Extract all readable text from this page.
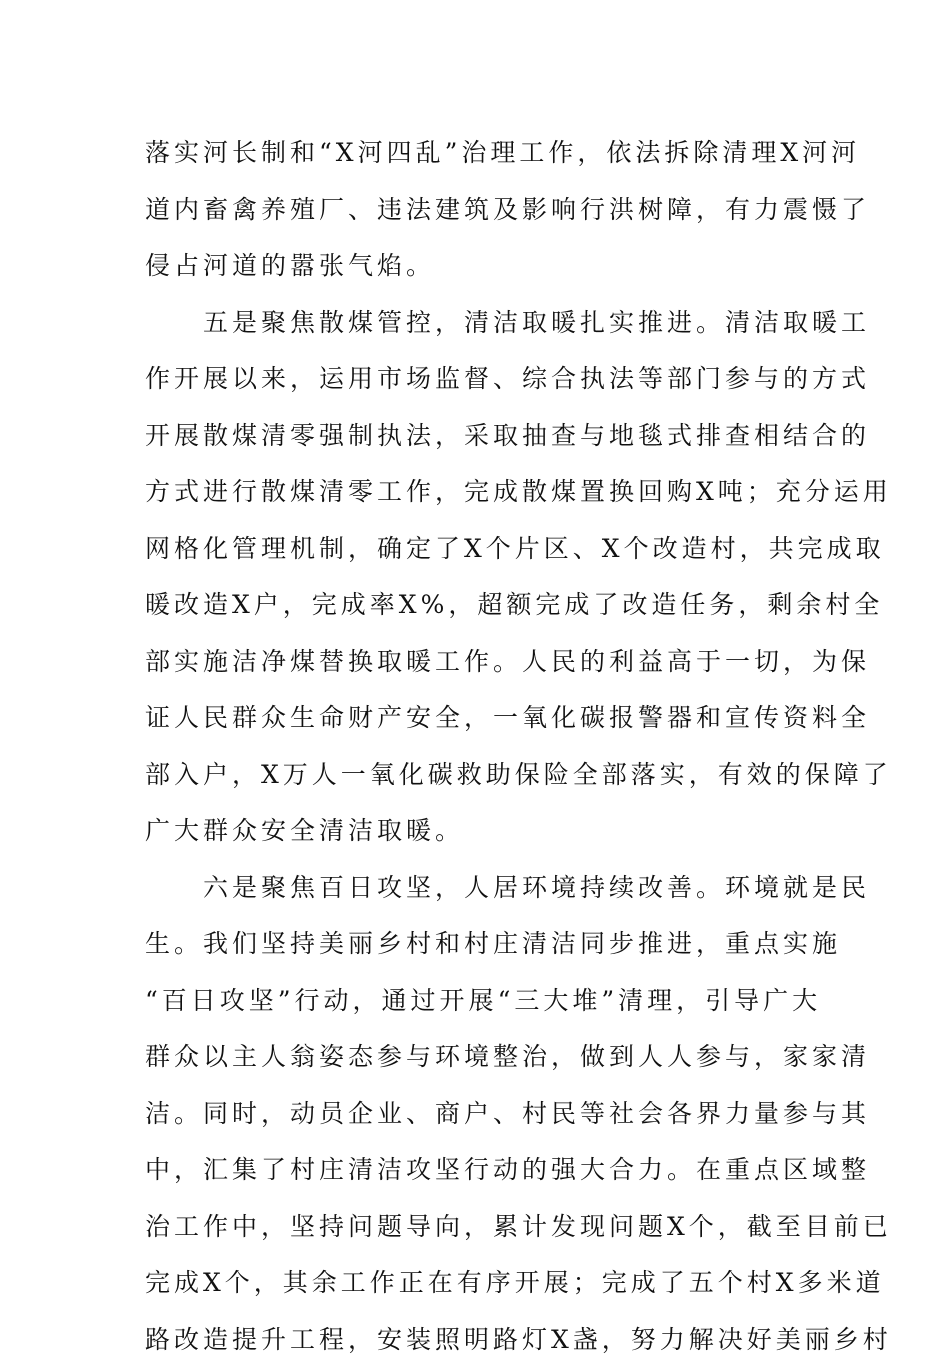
落实河长制和“X河四乱”治理工作，依法拆除清理X河河
道内畜禽养殖厂、违法建筑及影响行洪树障，有力震慑了
侵占河道的嚣张气焰。
五是聚焦散煤管控，清洁取暖扎实推进。清洁取暖工
作开展以来，运用市场监督、综合执法等部门参与的方式
开展散煤清零强制执法，采取抽查与地毯式排查相结合的
方式进行散煤清零工作，完成散煤置换回购X吨；充分运用
网格化管理机制，确定了X个片区、X个改造村，共完成取
暖改造X户，完成率X%，超额完成了改造任务，剩余村全
部实施洁净煤替换取暖工作。人民的利益高于一切，为保
证人民群众生命财产安全，一氧化碳报警器和宣传资料全
部入户，X万人一氧化碳救助保险全部落实，有效的保障了
广大群众安全清洁取暖。
六是聚焦百日攻坚，人居环境持续改善。环境就是民
生。我们坚持美丽乡村和村庄清洁同步推进，重点实施
“百日攻坚”行动，通过开展“三大堆”清理，引导广大
群众以主人翁姿态参与环境整治，做到人人参与，家家清
洁。同时，动员企业、商户、村民等社会各界力量参与其
中，汇集了村庄清洁攻坚行动的强大合力。在重点区域整
治工作中，坚持问题导向，累计发现问题X个，截至目前已
完成X个，其余工作正在有序开展；完成了五个村X多米道
路改造提升工程，安装照明路灯X盏，努力解决好美丽乡村
